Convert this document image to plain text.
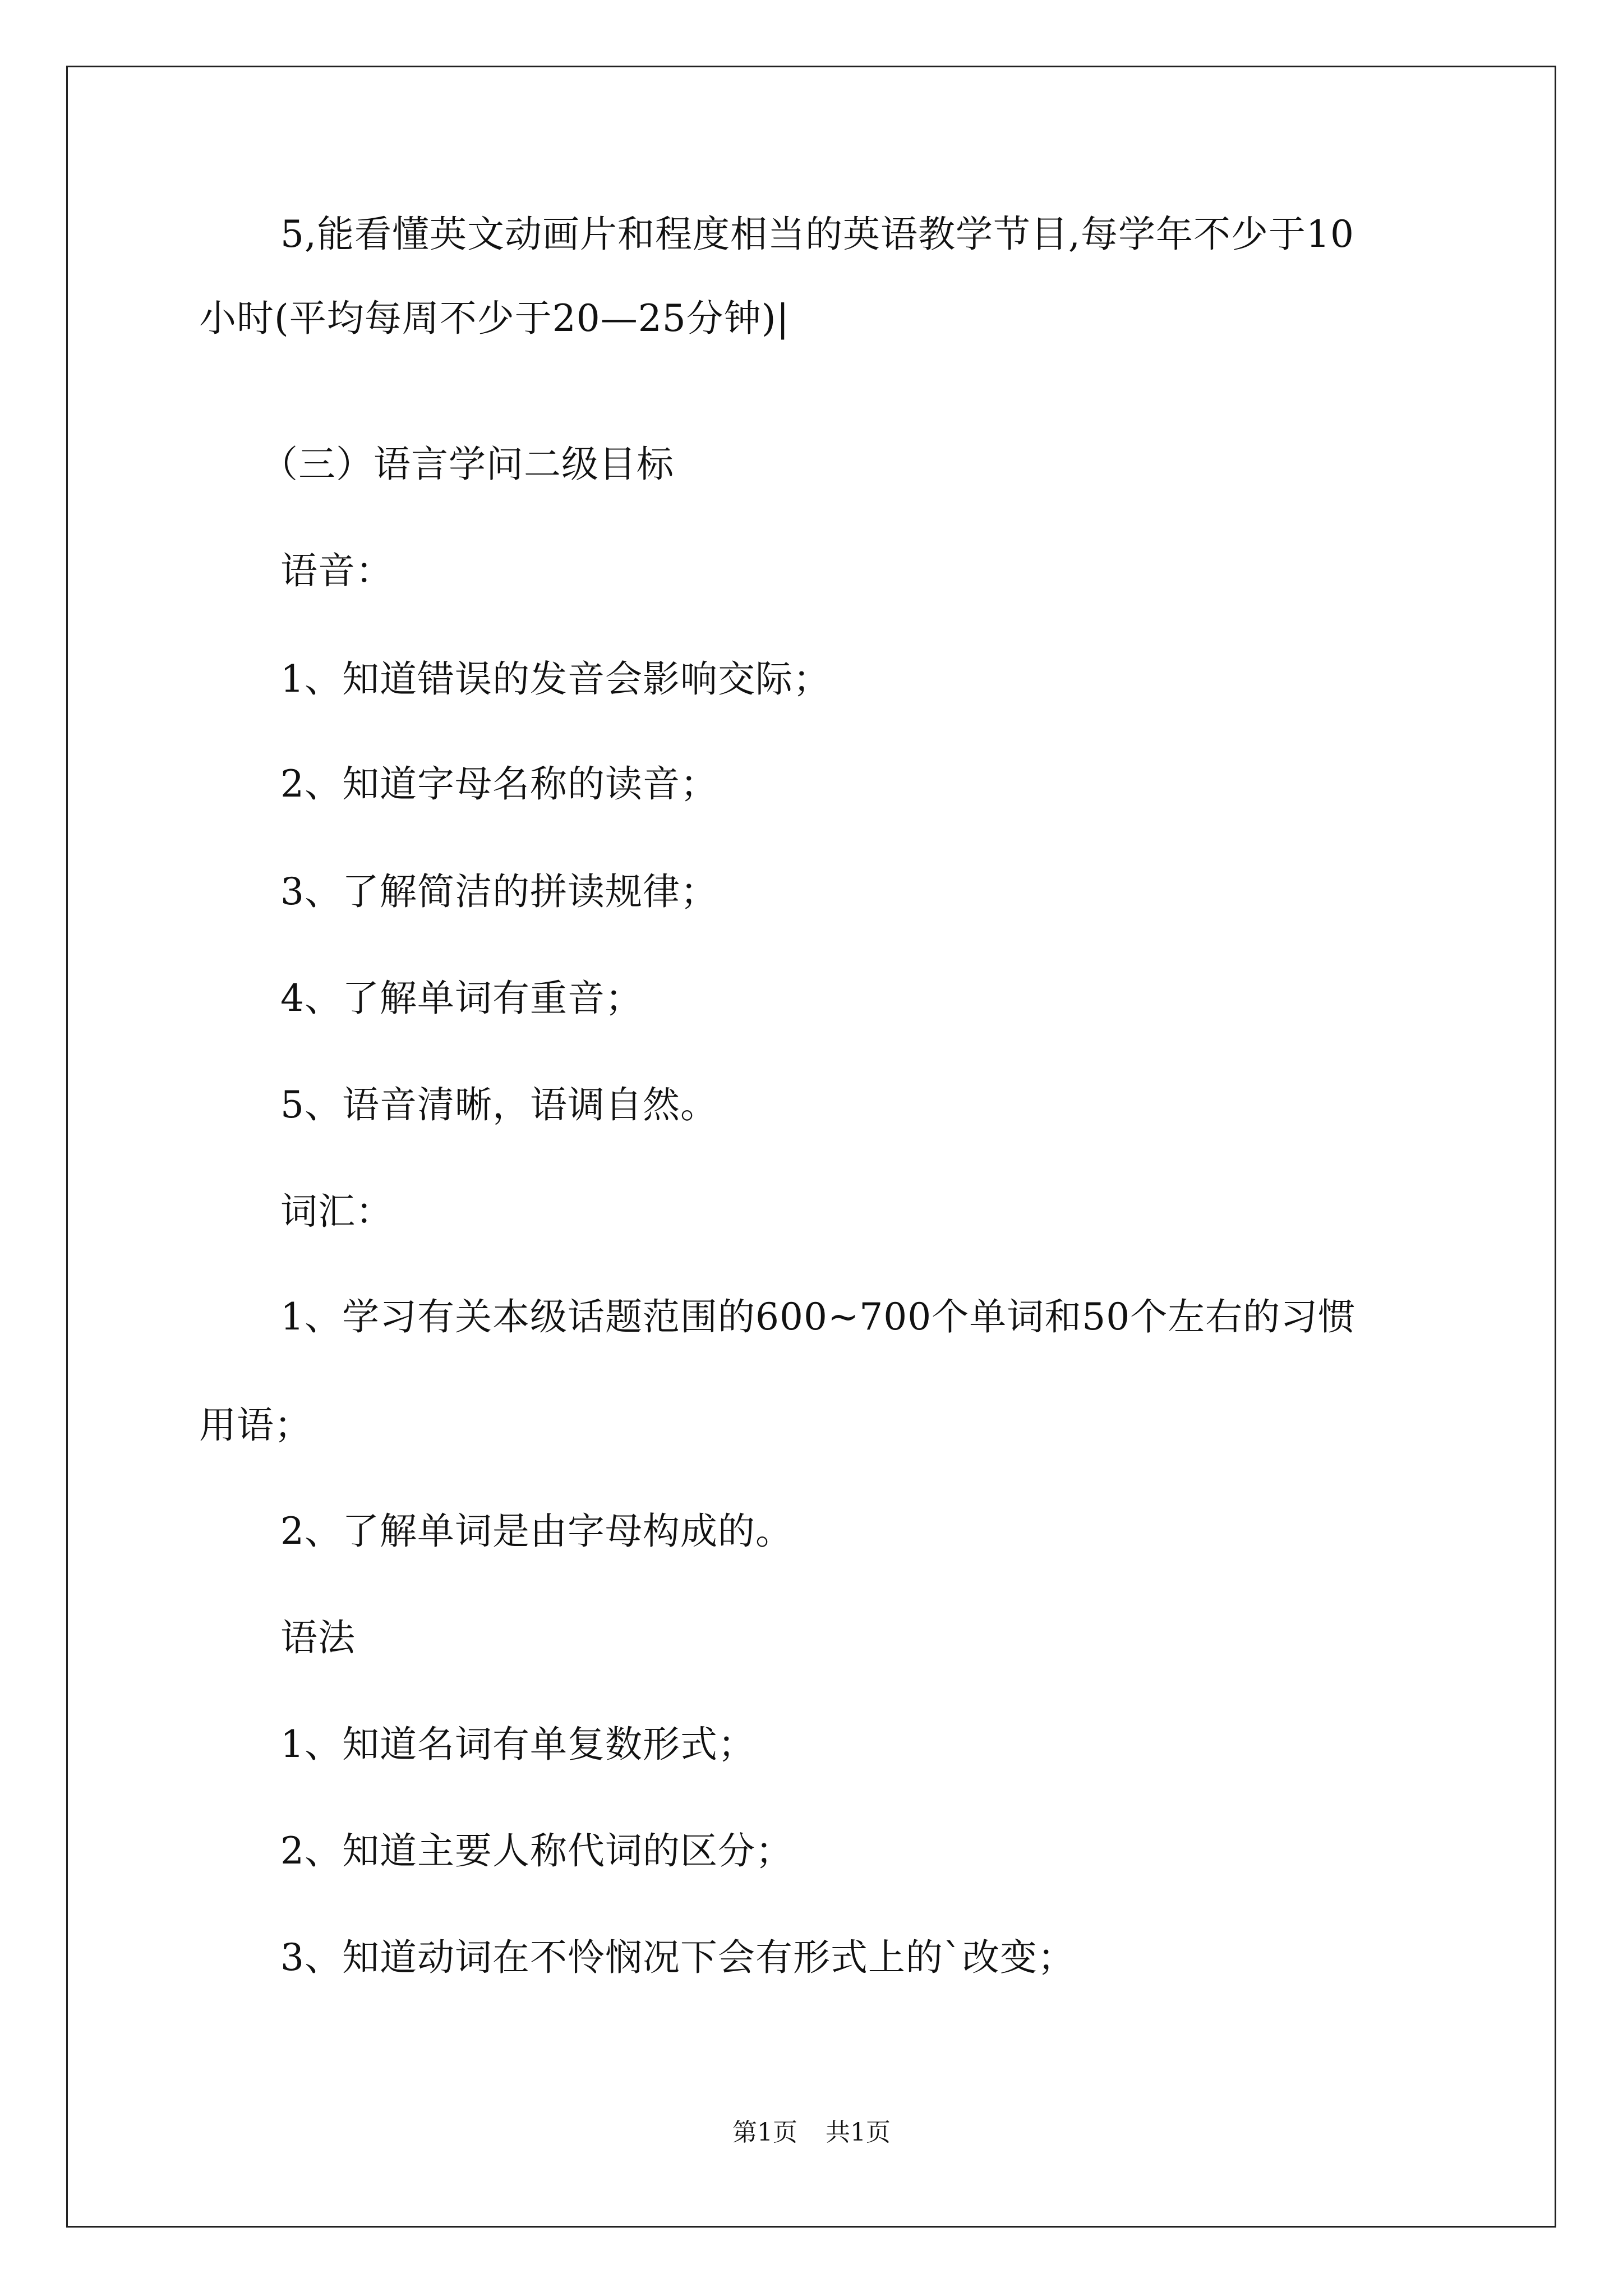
5,能看懂英文动画片和程度相当的英语教学节目,每学年不少于10
小时(平均每周不少于20—25分钟)|
（三）语言学问二级目标
语音：
1、知道错误的发音会影响交际；
2、知道字母名称的读音；
3、了解简洁的拼读规律；
4、了解单词有重音；
5、语音清晰，语调自然。
词汇：
1、学习有关本级话题范围的600~700个单词和50个左右的习惯
用语；
2、了解单词是由字母构成的。
语法
1、知道名词有单复数形式；
2、知道主要人称代词的区分；
3、知道动词在不怜悯况下会有形式上的`改变；
第1页 共1页
